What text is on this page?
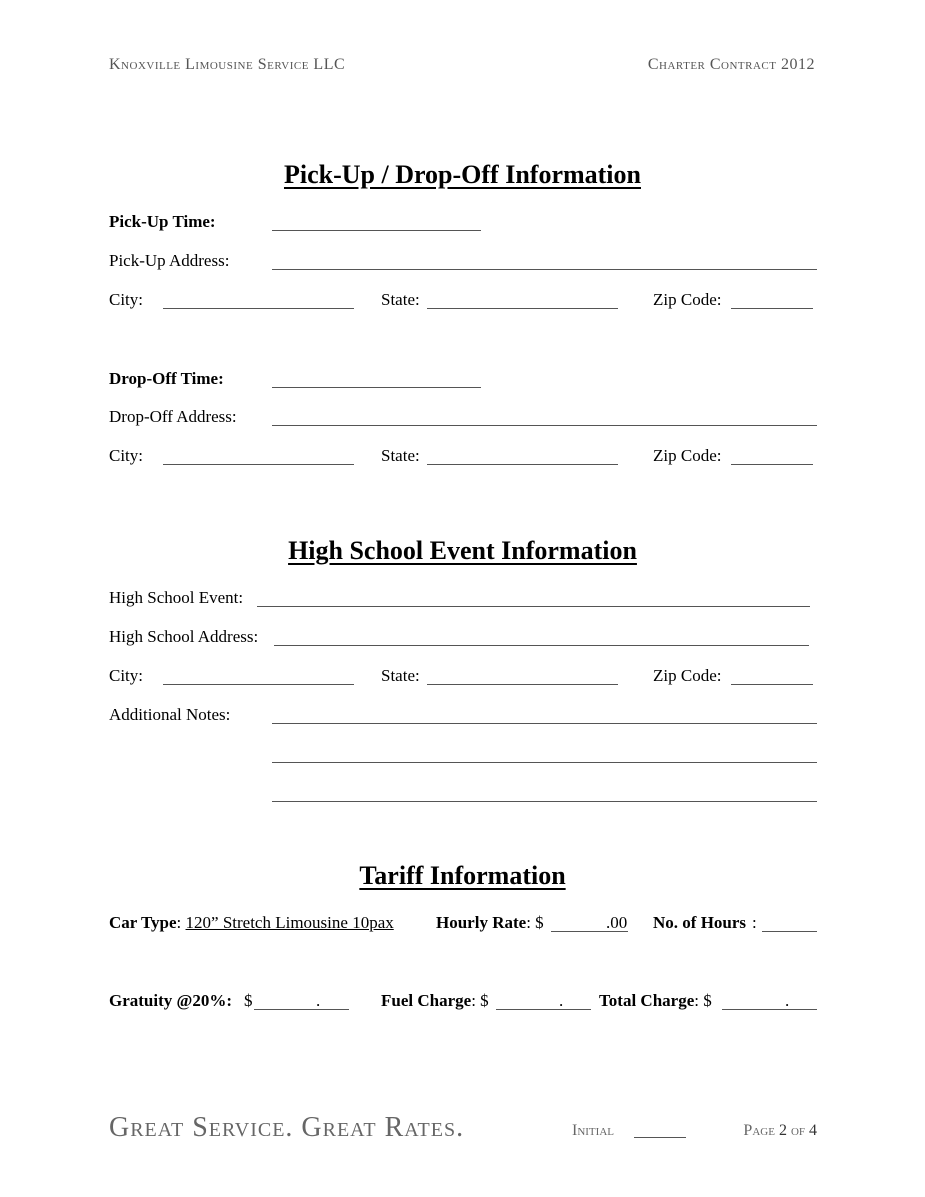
Knoxville Limousine Service LLC	Charter Contract 2012
Pick-Up / Drop-Off Information
Pick-Up Time:
Pick-Up Address:
City:	State:	Zip Code:
Drop-Off Time:
Drop-Off Address:
City:	State:	Zip Code:
High School Event Information
High School Event:
High School Address:
City:	State:	Zip Code:
Additional Notes:
Tariff Information
Car Type: 120” Stretch Limousine 10pax Hourly Rate: $	.00 No. of Hours :
Gratuity @20%: $	.	Fuel Charge: $	. Total Charge: $	.
Great Service. Great Rates.	Initial	Page 2 of 4
